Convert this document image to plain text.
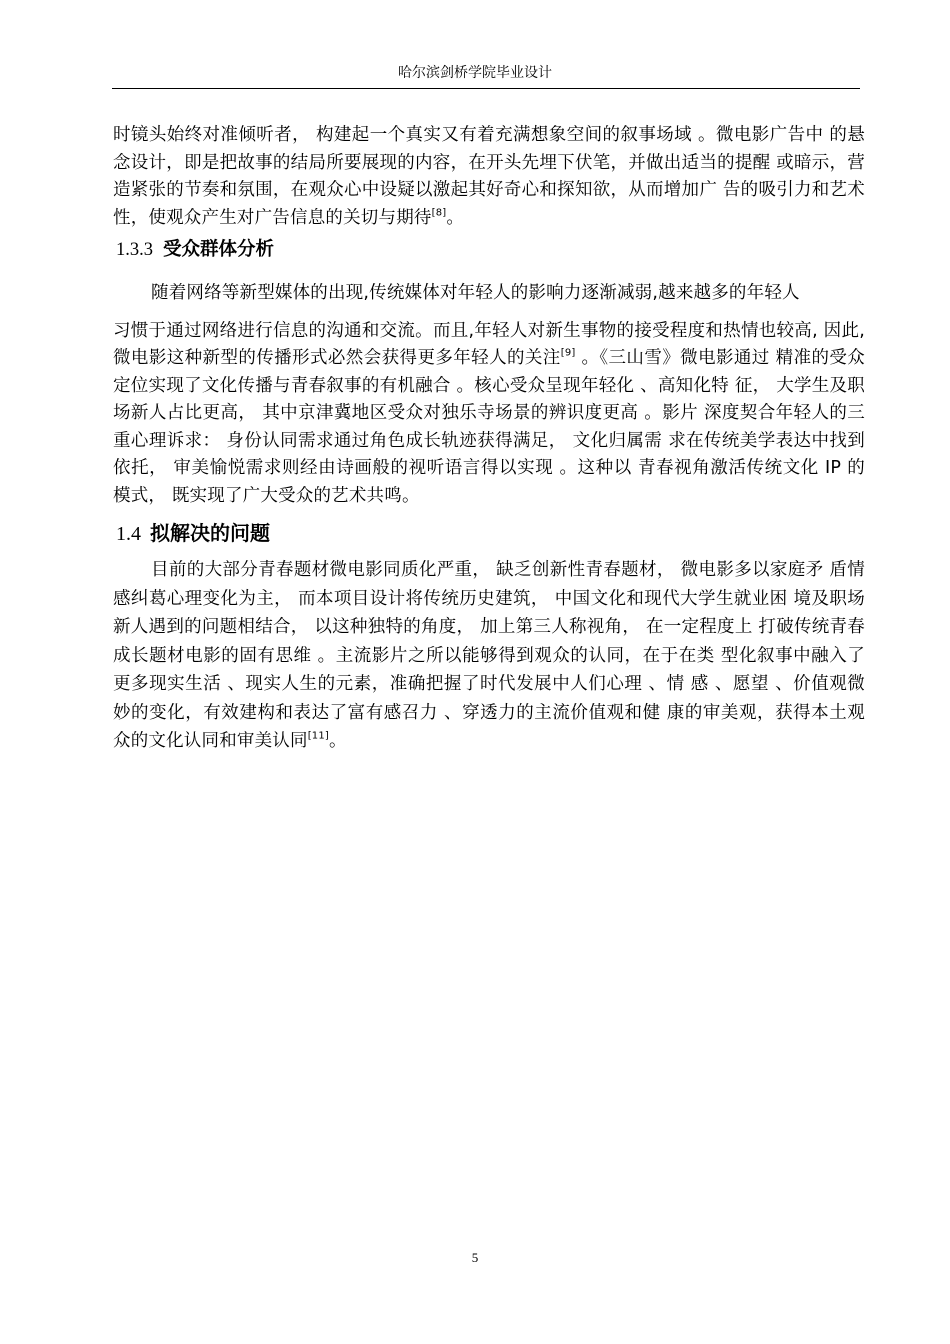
哈尔滨剑桥学院毕业设计

时镜头始终对准倾听者， 构建起一个真实又有着充满想象空间的叙事场域 。微电影广告中 的悬念设计，即是把故事的结局所要展现的内容，在开头先埋下伏笔，并做出适当的提醒 或暗示，营造紧张的节奏和氛围，在观众心中设疑以激起其好奇心和探知欲，从而增加广 告的吸引力和艺术性，使观众产生对广告信息的关切与期待[8]。

1.3.3 受众群体分析

随着网络等新型媒体的出现,传统媒体对年轻人的影响力逐渐减弱,越来越多的年轻人

习惯于通过网络进行信息的沟通和交流。而且,年轻人对新生事物的接受程度和热情也较高, 因此,微电影这种新型的传播形式必然会获得更多年轻人的关注[9] 。《三山雪》微电影通过 精准的受众定位实现了文化传播与青春叙事的有机融合 。核心受众呈现年轻化 、高知化特 征， 大学生及职场新人占比更高， 其中京津冀地区受众对独乐寺场景的辨识度更高 。影片 深度契合年轻人的三重心理诉求： 身份认同需求通过角色成长轨迹获得满足， 文化归属需 求在传统美学表达中找到依托， 审美愉悦需求则经由诗画般的视听语言得以实现 。这种以 青春视角激活传统文化 IP 的模式， 既实现了广大受众的艺术共鸣。

1.4 拟解决的问题

目前的大部分青春题材微电影同质化严重， 缺乏创新性青春题材， 微电影多以家庭矛 盾情感纠葛心理变化为主， 而本项目设计将传统历史建筑， 中国文化和现代大学生就业困 境及职场新人遇到的问题相结合， 以这种独特的角度， 加上第三人称视角， 在一定程度上 打破传统青春成长题材电影的固有思维 。主流影片之所以能够得到观众的认同，在于在类 型化叙事中融入了更多现实生活 、现实人生的元素，准确把握了时代发展中人们心理 、情 感 、愿望 、价值观微妙的变化，有效建构和表达了富有感召力 、穿透力的主流价值观和健 康的审美观，获得本土观众的文化认同和审美认同[11]。

5
